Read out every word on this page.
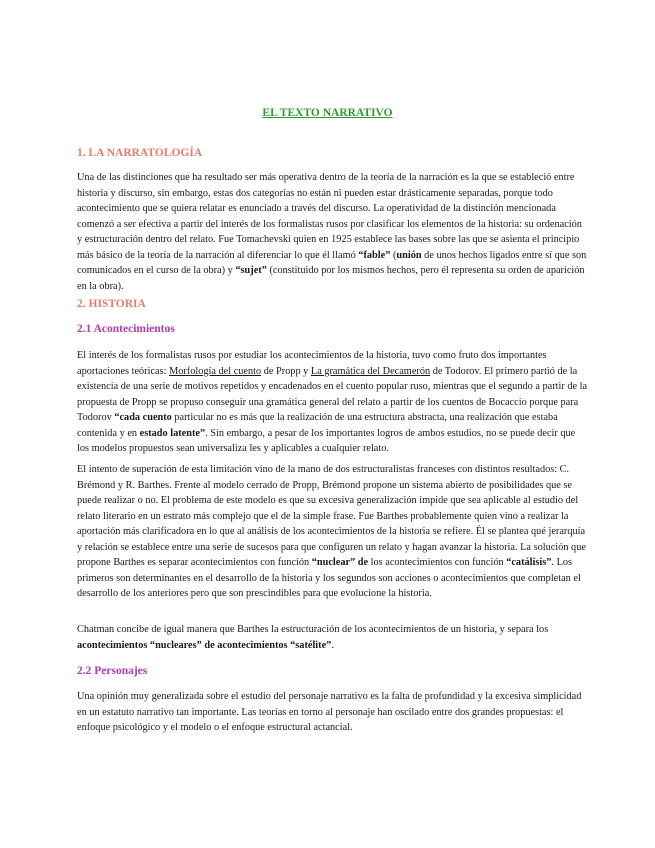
EL TEXTO NARRATIVO
1. LA NARRATOLOGÍA

Una de las distinciones que ha resultado ser más operativa dentro de la teoría de la narración es la que se estableció entre historia y discurso, sin embargo, estas dos categorías no están ni pueden estar drásticamente separadas, porque todo acontecimiento que se quiera relatar es enunciado a través del discurso. La operatividad de la distinción mencionada comenzó a ser efectiva a partir del interés de los formalistas rusos por clasificar los elementos de la historia: su ordenación y estructuración dentro del relato. Fue Tomachevski quien en 1925 establece las bases sobre las que se asienta el principio más básico de la teoría de la narración al diferenciar lo que él llamó “fable” (unión de unos hechos ligados entre sí que son comunicados en el curso de la obra) y “sujet” (constituido por los mismos hechos, pero él representa su orden de aparición en la obra).

2. HISTORIA
2.1 Acontecimientos

El interés de los formalistas rusos por estudiar los acontecimientos de la historia, tuvo como fruto dos importantes aportaciones teóricas: Morfología del cuento de Propp y La gramática del Decamerón de Todorov. El primero partió de la existencia de una serie de motivos repetidos y encadenados en el cuento popular ruso, mientras que el segundo a partir de la propuesta de Propp se propuso conseguir una gramática general del relato a partir de los cuentos de Bocaccio porque para Todorov “cada cuento particular no es más que la realización de una estructura abstracta, una realización que estaba contenida y en estado latente”. Sin embargo, a pesar de los importantes logros de ambos estudios, no se puede decir que los modelos propuestos sean universaliza les y aplicables a cualquier relato.

El intento de superación de esta limitación vino de la mano de dos estructuralistas franceses con distintos resultados: C. Brémond y R. Barthes. Frente al modelo cerrado de Propp, Brémond propone un sistema abierto de posibilidades que se puede realizar o no. El problema de este modelo es que su excesiva generalización impide que sea aplicable al estudio del relato literario en un estrato más complejo que el de la simple frase. Fue Barthes probablemente quien vino a realizar la aportación más clarificadora en lo que al análisis de los acontecimientos de la historia se refiere. Él se plantea qué jerarquía y relación se establece entre una serie de sucesos para que configuren un relato y hagan avanzar la historia. La solución que propone Barthes es separar acontecimientos con función “nuclear” de los acontecimientos con función “catálisis”. Los primeros son determinantes en el desarrollo de la historia y los segundos son acciones o acontecimientos que completan el desarrollo de los anteriores pero que son prescindibles para que evolucione la historia.

Chatman concibe de igual manera que Barthes la estructuración de los acontecimientos de un historia, y separa los acontecimientos “nucleares” de acontecimientos “satélite”.

2.2 Personajes

Una opinión muy generalizada sobre el estudio del personaje narrativo es la falta de profundidad y la excesiva simplicidad en un estatuto narrativo tan importante. Las teorías en torno al personaje han oscilado entre dos grandes propuestas: el enfoque psicológico y el modelo o el enfoque estructural actancial.
